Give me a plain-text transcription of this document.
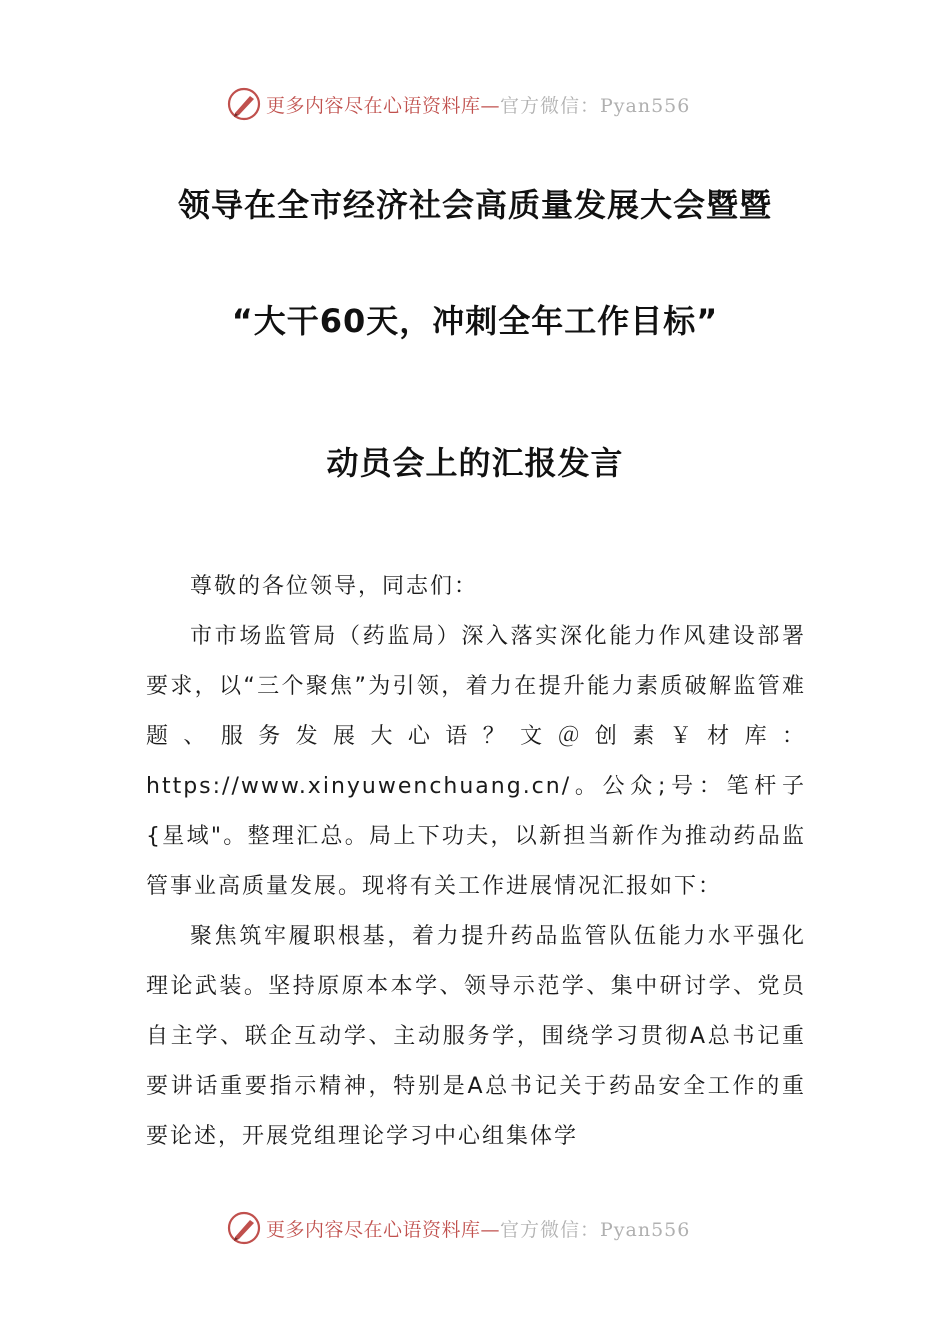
更多内容尽在心语资料库— 官方微信：Pyan556
领导在全市经济社会高质量发展大会暨暨
“大干60天，冲刺全年工作目标”
动员会上的汇报发言

尊敬的各位领导，同志们：

市市场监管局（药监局）深入落实深化能力作风建设部署要求，以“三个聚焦”为引领，着力在提升能力素质破解监管难题、服务发展大心语？文＠创素￥材库：https://www.xinyuwenchuang.cn/。公众;号：笔杆子{星域"。整理汇总。局上下功夫，以新担当新作为推动药品监管事业高质量发展。现将有关工作进展情况汇报如下：

聚焦筑牢履职根基，着力提升药品监管队伍能力水平强化理论武装。坚持原原本本学、领导示范学、集中研讨学、党员自主学、联企互动学、主动服务学，围绕学习贯彻A总书记重要讲话重要指示精神，特别是A总书记关于药品安全工作的重要论述，开展党组理论学习中心组集体学

更多内容尽在心语资料库— 官方微信：Pyan556
